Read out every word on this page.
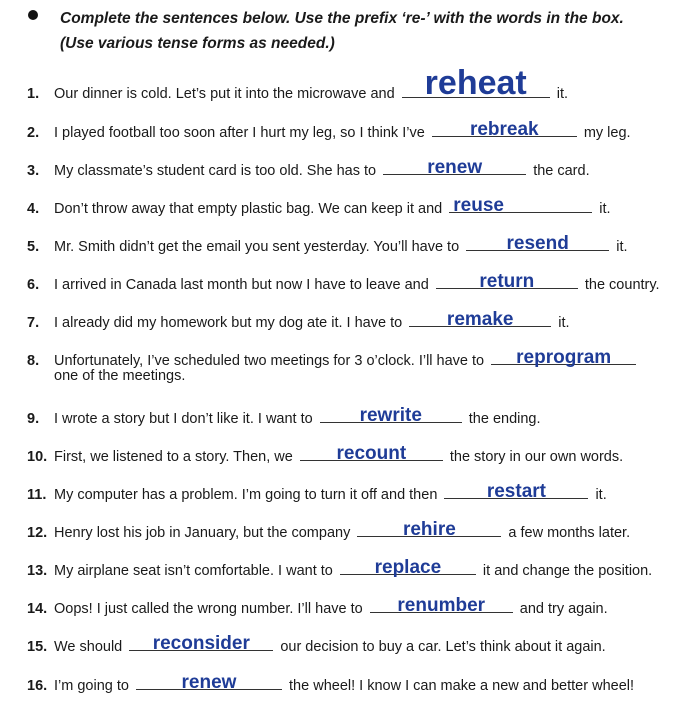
Complete the sentences below. Use the prefix ‘re-’ with the words in the box.
(Use various tense forms as needed.)
1. Our dinner is cold. Let’s put it into the microwave and reheat	it.
2. I played football too soon after I hurt my leg, so I think I’ve	rebreak	my leg.
3. My classmate’s student card is too old. She has to	renew	the card.
4. Don’t throw away that empty plastic bag. We can keep it and reuse	it.
5. Mr. Smith didn’t get the email you sent yesterday. You’ll have to	resend	it.
6. I arrived in Canada last month but now I have to leave and	return	the country.
7. I already did my homework but my dog ate it. I have to	remake	it.
8. Unfortunately, I’ve scheduled two meetings for 3 o’clock. I’ll have to	reprogram
one of the meetings.
9. I wrote a story but I don’t like it. I want to	rewrite	the ending.
10. First, we listened to a story. Then, we	recount	the story in our own words.
11. My computer has a problem. I’m going to turn it off and then	restart	it.
12. Henry lost his job in January, but the company	rehire	a few months later.
13. My airplane seat isn’t comfortable. I want to	replace	it and change the position.
14. Oops! I just called the wrong number. I’ll have to	renumber	and try again.
15. We should	reconsider	our decision to buy a car. Let’s think about it again.
16. I’m going to	renew	the wheel! I know I can make a new and better wheel!
